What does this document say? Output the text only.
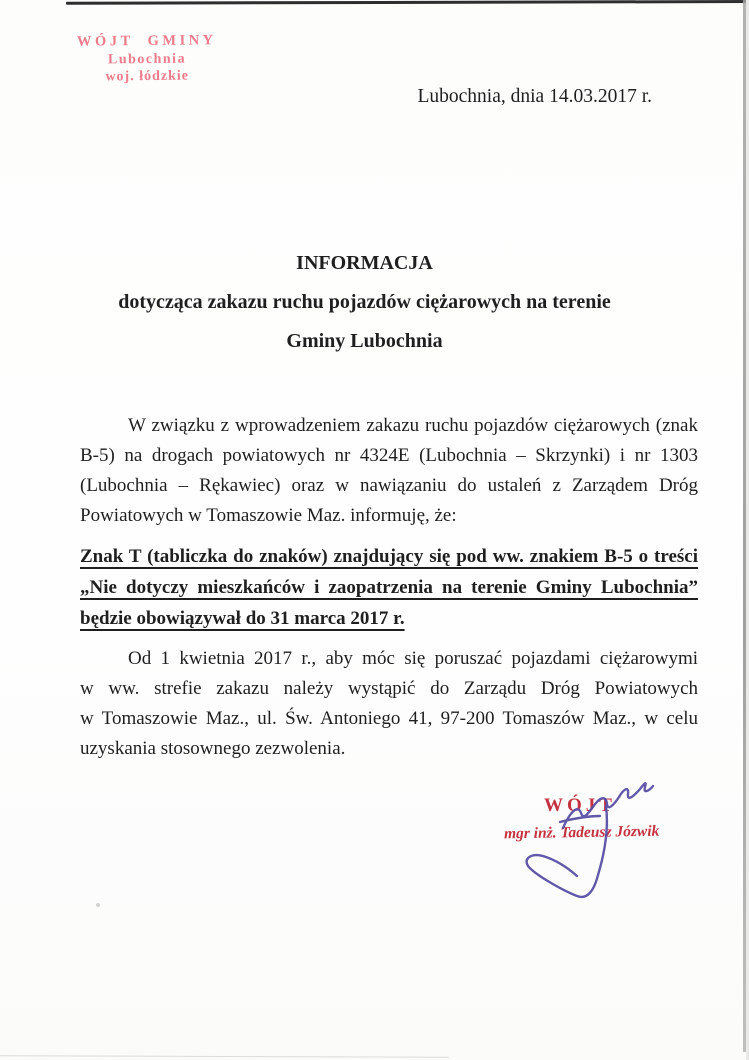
WÓJT GMINY
Lubochnia
woj. łódzkie
Lubochnia, dnia 14.03.2017 r.
INFORMACJA
dotycząca zakazu ruchu pojazdów ciężarowych na terenie
Gminy Lubochnia
W związku z wprowadzeniem zakazu ruchu pojazdów ciężarowych (znak
B-5) na drogach powiatowych nr 4324E (Lubochnia – Skrzynki) i nr 1303
(Lubochnia – Rękawiec) oraz w nawiązaniu do ustaleń z Zarządem Dróg
Powiatowych w Tomaszowie Maz. informuję, że:
Znak T (tabliczka do znaków) znajdujący się pod ww. znakiem B-5 o treści
„Nie dotyczy mieszkańców i zaopatrzenia na terenie Gminy Lubochnia”
będzie obowiązywał do 31 marca 2017 r.
Od 1 kwietnia 2017 r., aby móc się poruszać pojazdami ciężarowymi
w ww. strefie zakazu należy wystąpić do Zarządu Dróg Powiatowych
w Tomaszowie Maz., ul. Św. Antoniego 41, 97-200 Tomaszów Maz., w celu
uzyskania stosownego zezwolenia.
WÓJT
mgr inż. Tadeusz Józwik
